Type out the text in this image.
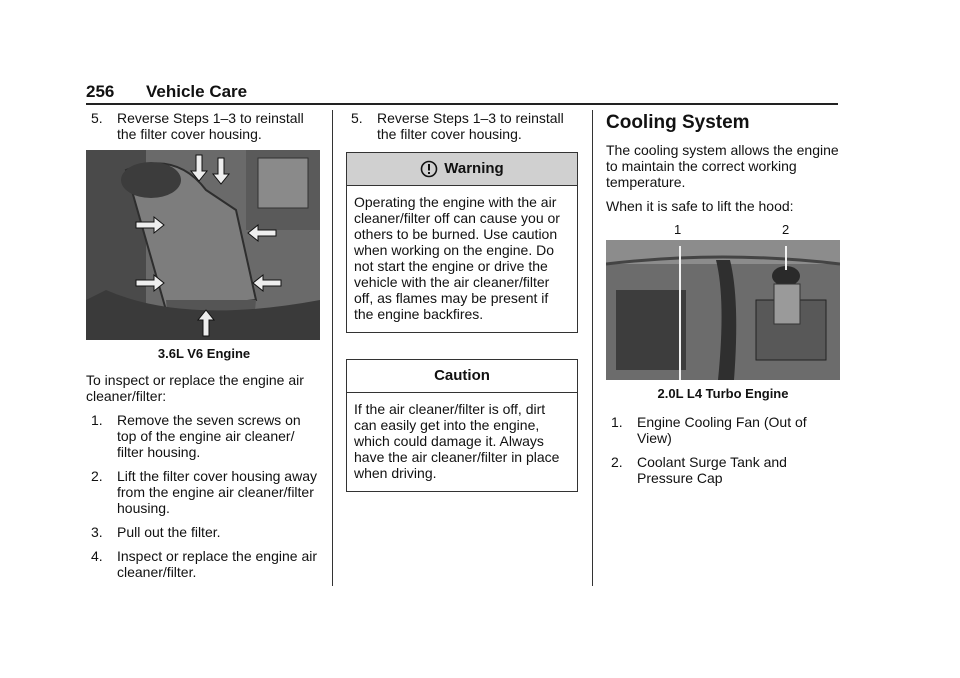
256 Vehicle Care
5. Reverse Steps 1–3 to reinstall the filter cover housing.
3.6L V6 Engine

To inspect or replace the engine air cleaner/filter:

1. Remove the seven screws on top of the engine air cleaner/ filter housing.
2. Lift the filter cover housing away from the engine air cleaner/filter housing.
3. Pull out the filter.
4. Inspect or replace the engine air cleaner/filter.
5. Reverse Steps 1–3 to reinstall the filter cover housing.
Warning
Operating the engine with the air cleaner/filter off can cause you or others to be burned. Use caution when working on the engine. Do not start the engine or drive the vehicle with the air cleaner/filter off, as flames may be present if the engine backfires.
Caution
If the air cleaner/filter is off, dirt can easily get into the engine, which could damage it. Always have the air cleaner/filter in place when driving.
Cooling System

The cooling system allows the engine to maintain the correct working temperature.

When it is safe to lift the hood:

1	2
2.0L L4 Turbo Engine
1. Engine Cooling Fan (Out of View)
2. Coolant Surge Tank and Pressure Cap
